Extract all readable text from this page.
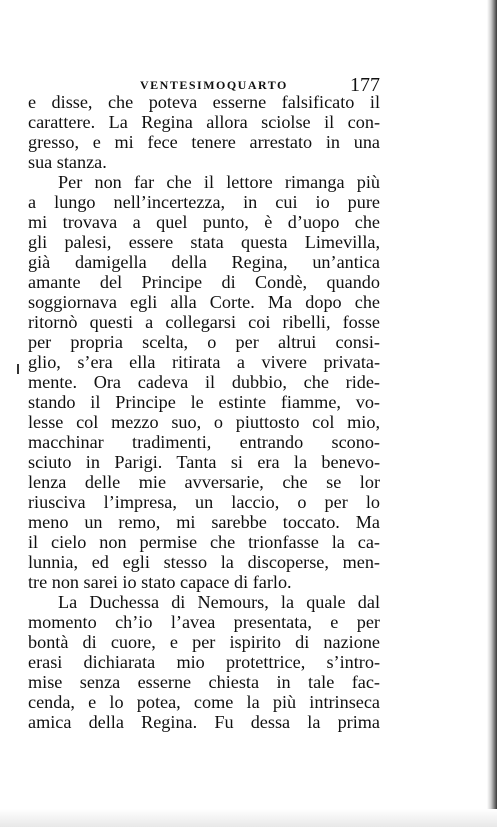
VENTESIMOQUARTO	177
e disse, che poteva esserne falsificato il
carattere. La Regina allora sciolse il con-
gresso, e mi fece tenere arrestato in una
sua stanza.
Per non far che il lettore rimanga più
a lungo nell’incertezza, in cui io pure
mi trovava a quel punto, è d’uopo che
gli palesi, essere stata questa Limevilla,
già damigella della Regina, un’antica
amante del Principe di Condè, quando
soggiornava egli alla Corte. Ma dopo che
ritornò questi a collegarsi coi ribelli, fosse
per propria scelta, o per altrui consi-
glio, s’era ella ritirata a vivere privata-
mente. Ora cadeva il dubbio, che ride-
stando il Principe le estinte fiamme, vo-
lesse col mezzo suo, o piuttosto col mio,
macchinar tradimenti, entrando scono-
sciuto in Parigi. Tanta si era la benevo-
lenza delle mie avversarie, che se lor
riusciva l’impresa, un laccio, o per lo
meno un remo, mi sarebbe toccato. Ma
il cielo non permise che trionfasse la ca-
lunnia, ed egli stesso la discoperse, men-
tre non sarei io stato capace di farlo.
La Duchessa di Nemours, la quale dal
momento ch’io l’avea presentata, e per
bontà di cuore, e per ispirito di nazione
erasi dichiarata mio protettrice, s’intro-
mise senza esserne chiesta in tale fac-
cenda, e lo potea, come la più intrinseca
amica della Regina. Fu dessa la prima
